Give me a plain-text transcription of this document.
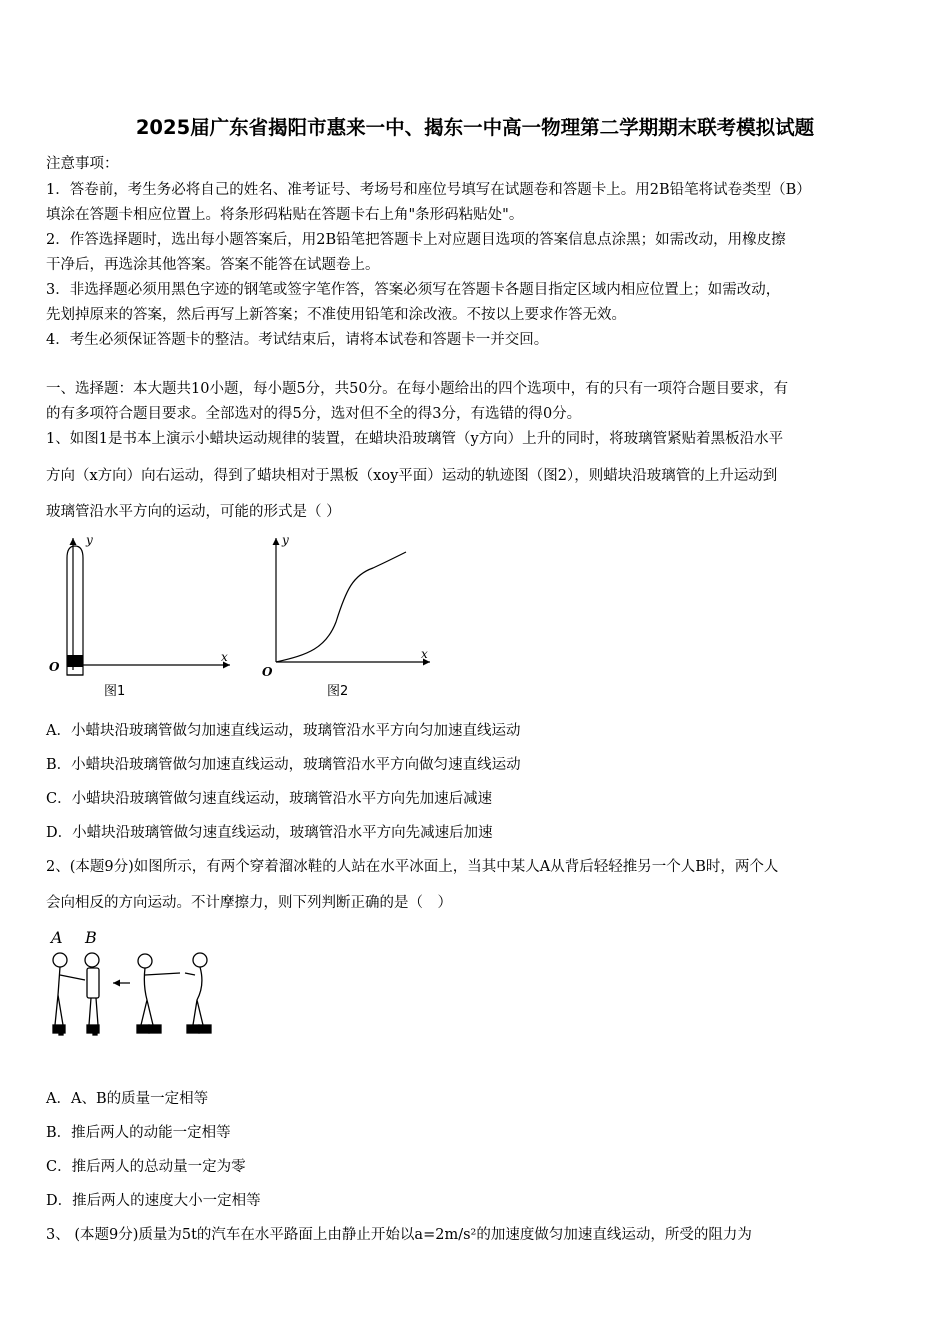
2025届广东省揭阳市惠来一中、揭东一中高一物理第二学期期末联考模拟试题
注意事项：
1．答卷前，考生务必将自己的姓名、准考证号、考场号和座位号填写在试题卷和答题卡上。用2B铅笔将试卷类型（B）
填涂在答题卡相应位置上。将条形码粘贴在答题卡右上角"条形码粘贴处"。
2．作答选择题时，选出每小题答案后，用2B铅笔把答题卡上对应题目选项的答案信息点涂黑；如需改动，用橡皮擦
干净后，再选涂其他答案。答案不能答在试题卷上。
3．非选择题必须用黑色字迹的钢笔或签字笔作答，答案必须写在答题卡各题目指定区域内相应位置上；如需改动，
先划掉原来的答案，然后再写上新答案；不准使用铅笔和涂改液。不按以上要求作答无效。
4．考生必须保证答题卡的整洁。考试结束后，请将本试卷和答题卡一并交回。
一、选择题：本大题共10小题，每小题5分，共50分。在每小题给出的四个选项中，有的只有一项符合题目要求，有
的有多项符合题目要求。全部选对的得5分，选对但不全的得3分，有选错的得0分。
1、如图1是书本上演示小蜡块运动规律的装置，在蜡块沿玻璃管（y方向）上升的同时，将玻璃管紧贴着黑板沿水平
方向（x方向）向右运动，得到了蜡块相对于黑板（xoy平面）运动的轨迹图（图2），则蜡块沿玻璃管的上升运动到
玻璃管沿水平方向的运动，可能的形式是（ ）
y
x
O
图1
y
x
O
图2
A．小蜡块沿玻璃管做匀加速直线运动，玻璃管沿水平方向匀加速直线运动
B．小蜡块沿玻璃管做匀加速直线运动，玻璃管沿水平方向做匀速直线运动
C．小蜡块沿玻璃管做匀速直线运动，玻璃管沿水平方向先加速后减速
D．小蜡块沿玻璃管做匀速直线运动，玻璃管沿水平方向先减速后加速
2、(本题9分)如图所示，有两个穿着溜冰鞋的人站在水平冰面上，当其中某人A从背后轻轻推另一个人B时，两个人
会向相反的方向运动。不计摩擦力，则下列判断正确的是（　）
A B
A．A、B的质量一定相等
B．推后两人的动能一定相等
C．推后两人的总动量一定为零
D．推后两人的速度大小一定相等
3、 (本题9分)质量为5t的汽车在水平路面上由静止开始以a=2m/s²的加速度做匀加速直线运动，所受的阻力为
